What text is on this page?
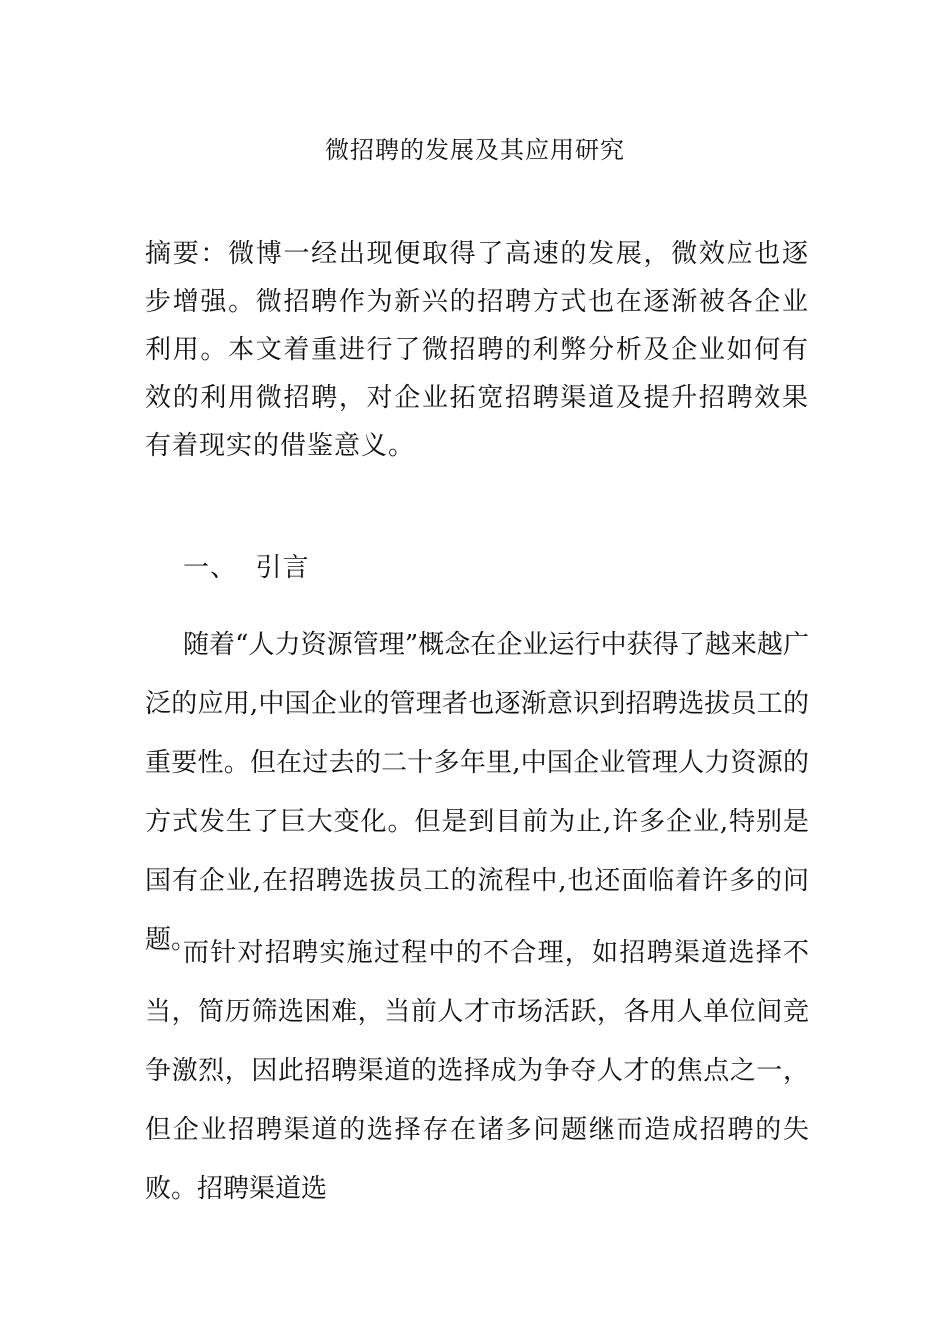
微招聘的发展及其应用研究

摘要：微博一经出现便取得了高速的发展，微效应也逐步增强。微招聘作为新兴的招聘方式也在逐渐被各企业利用。本文着重进行了微招聘的利弊分析及企业如何有效的利用微招聘，对企业拓宽招聘渠道及提升招聘效果有着现实的借鉴意义。

一、  引言

随着“人力资源管理”概念在企业运行中获得了越来越广泛的应用,中国企业的管理者也逐渐意识到招聘选拔员工的重要性。但在过去的二十多年里,中国企业管理人力资源的方式发生了巨大变化。但是到目前为止,许多企业,特别是国有企业,在招聘选拔员工的流程中,也还面临着许多的问题。

而针对招聘实施过程中的不合理，如招聘渠道选择不当，简历筛选困难，当前人才市场活跃，各用人单位间竞争激烈，因此招聘渠道的选择成为争夺人才的焦点之一，但企业招聘渠道的选择存在诸多问题继而造成招聘的失败。招聘渠道选
